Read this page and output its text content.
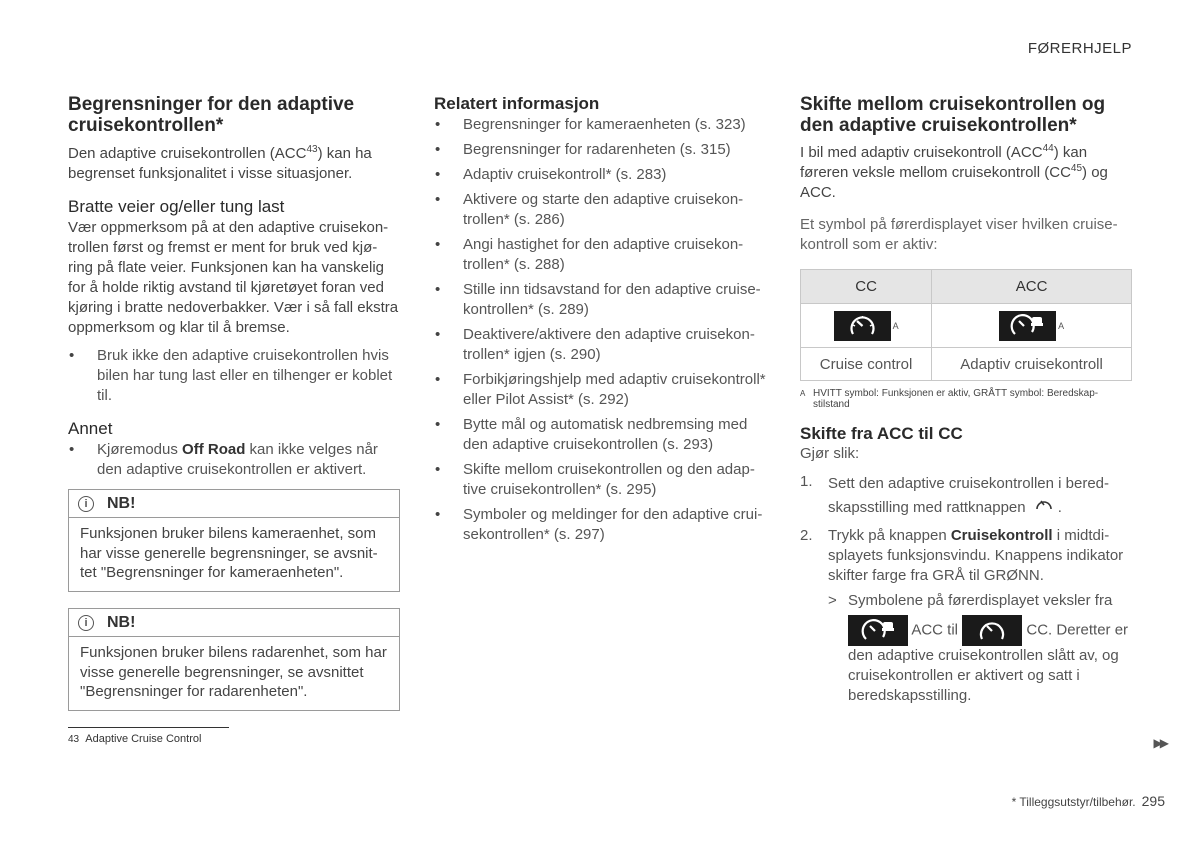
FØRERHJELP
Begrensninger for den adaptive cruisekontrollen*

Den adaptive cruisekontrollen (ACC$^{43}$) kan ha begrenset funksjonalitet i visse situasjoner.

Bratte veier og/eller tung last

Vær oppmerksom på at den adaptive cruisekon-trollen først og fremst er ment for bruk ved kjø-ring på flate veier. Funksjonen kan ha vanskelig for å holde riktig avstand til kjøretøyet foran ved kjøring i bratte nedoverbakker. Vær i så fall ekstra oppmerksom og klar til å bremse.

• Bruk ikke den adaptive cruisekontrollen hvis bilen har tung last eller en tilhenger er koblet til.
Annet
• Kjøremodus Off Road kan ikke velges når den adaptive cruisekontrollen er aktivert.
i	NB!
Funksjonen bruker bilens kameraenhet, som har visse generelle begrensninger, se avsnit-tet "Begrensninger for kameraenheten".
i	NB!
Funksjonen bruker bilens radarenhet, som har visse generelle begrensninger, se avsnittet "Begrensninger for radarenheten".
Relatert informasjon
• Begrensninger for kameraenheten (s. 323)
• Begrensninger for radarenheten (s. 315)
• Adaptiv cruisekontroll* (s. 283)
• Aktivere og starte den adaptive cruisekon-trollen* (s. 286)
• Angi hastighet for den adaptive cruisekon-trollen* (s. 288)
• Stille inn tidsavstand for den adaptive cruise-kontrollen* (s. 289)
• Deaktivere/aktivere den adaptive cruisekon-trollen* igjen (s. 290)
• Forbikjøringshjelp med adaptiv cruisekontroll* eller Pilot Assist* (s. 292)
• Bytte mål og automatisk nedbremsing med den adaptive cruisekontrollen (s. 293)
• Skifte mellom cruisekontrollen og den adap-tive cruisekontrollen* (s. 295)
• Symboler og meldinger for den adaptive crui-sekontrollen* (s. 297)
Skifte mellom cruisekontrollen og den adaptive cruisekontrollen*

I bil med adaptiv cruisekontroll (ACC$^{44}$) kan føreren veksle mellom cruisekontroll (CC$^{45}$) og ACC.

Et symbol på førerdisplayet viser hvilken cruise-kontroll som er aktiv:

CC	ACC

A	A
Cruise control	Adaptiv cruisekontroll
A HVITT symbol: Funksjonen er aktiv, GRÅTT symbol: Beredskap-stilstand
Skifte fra ACC til CC

Gjør slik:

1. Sett den adaptive cruisekontrollen i bered-skapsstilling med rattknappen .
2. Trykk på knappen Cruisekontroll i midtdi-splayets funksjonsvindu. Knappens indikator skifter farge fra GRÅ til GRØNN.
> Symbolene på førerdisplayet veksler fra
ACC til	CC. Deretter er den adaptive cruisekontrollen slått av, og cruisekontrollen er aktivert og satt i beredskapsstilling.
43 Adaptive Cruise Control	▶▶
* Tilleggsutstyr/tilbehør. 295
